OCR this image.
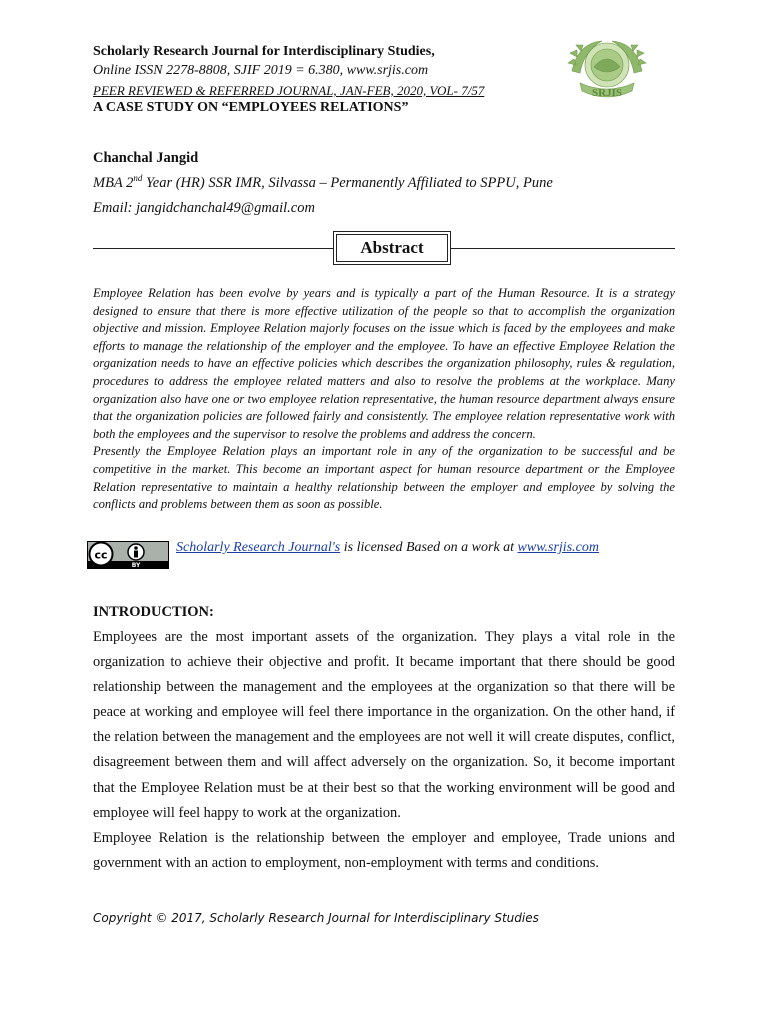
Scholarly Research Journal for Interdisciplinary Studies,
Online ISSN 2278-8808, SJIF 2019 = 6.380, www.srjis.com
PEER REVIEWED & REFERRED JOURNAL, JAN-FEB, 2020, VOL- 7/57
A CASE STUDY ON “EMPLOYEES RELATIONS”
SRJIS
Chanchal Jangid
MBA 2nd Year (HR) SSR IMR, Silvassa – Permanently Affiliated to SPPU, Pune
Email: jangidchanchal49@gmail.com
Abstract

Employee Relation has been evolve by years and is typically a part of the Human Resource. It is a strategy designed to ensure that there is more effective utilization of the people so that to accomplish the organization objective and mission. Employee Relation majorly focuses on the issue which is faced by the employees and make efforts to manage the relationship of the employer and the employee. To have an effective Employee Relation the organization needs to have an effective policies which describes the organization philosophy, rules & regulation, procedures to address the employee related matters and also to resolve the problems at the workplace. Many organization also have one or two employee relation representative, the human resource department always ensure that the organization policies are followed fairly and consistently. The employee relation representative work with both the employees and the supervisor to resolve the problems and address the concern.

Presently the Employee Relation plays an important role in any of the organization to be successful and be competitive in the market. This become an important aspect for human resource department or the Employee Relation representative to maintain a healthy relationship between the employer and employee by solving the conflicts and problems between them as soon as possible.

cc
BY
Scholarly Research Journal's is licensed Based on a work at www.srjis.com
INTRODUCTION:

Employees are the most important assets of the organization. They plays a vital role in the organization to achieve their objective and profit. It became important that there should be good relationship between the management and the employees at the organization so that there will be peace at working and employee will feel there importance in the organization. On the other hand, if the relation between the management and the employees are not well it will create disputes, conflict, disagreement between them and will affect adversely on the organization. So, it become important that the Employee Relation must be at their best so that the working environment will be good and employee will feel happy to work at the organization.

Employee Relation is the relationship between the employer and employee, Trade unions and government with an action to employment, non-employment with terms and conditions.

Copyright © 2017, Scholarly Research Journal for Interdisciplinary Studies
